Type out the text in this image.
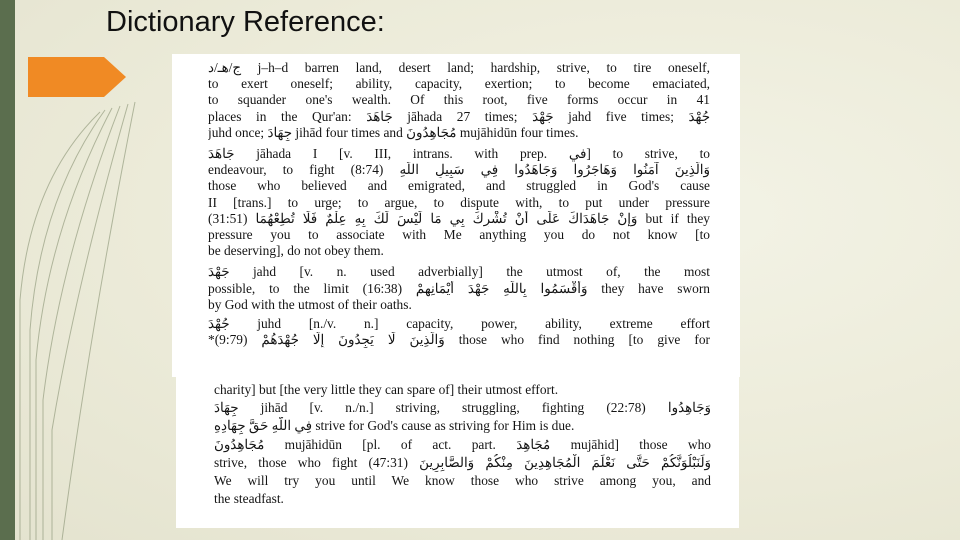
Dictionary Reference:
ج/هـ/د j–h–d barren land, desert land; hardship, strive, to tire oneself,
to exert oneself; ability, capacity, exertion; to become emaciated,
to squander one's wealth. Of this root, five forms occur in 41
places in the Qur'an: جَاهَدَ jāhada 27 times; جَهْدَ jahd five times; جُهْدَ
juhd once; جِهَادَ jihād four times and مُجَاهِدُونَ mujāhidūn four times.
جَاهَدَ jāhada I [v. III, intrans. with prep. في] to strive, to
endeavour, to fight (8:74) وَالَّذِينَ آمَنُوا وَهَاجَرُوا وَجَاهَدُوا فِي سَبِيلِ اللَّهِ
those who believed and emigrated, and struggled in God's cause
II [trans.] to urge; to argue, to dispute with, to put under pressure
(31:51) وَإِنْ جَاهَدَاكَ عَلَى أَنْ تُشْرِكَ بِي مَا لَيْسَ لَكَ بِهِ عِلْمٌ فَلَا تُطِعْهُمَا but if they
pressure you to associate with Me anything you do not know [to
be deserving], do not obey them.
جَهْدَ jahd [v. n. used adverbially] the utmost of, the most
possible, to the limit (16:38) وَأَقْسَمُوا بِاللَّهِ جَهْدَ أَيْمَانِهِمْ they have sworn
by God with the utmost of their oaths.
جُهْدَ juhd [n./v. n.] capacity, power, ability, extreme effort
*(9:79) وَالَّذِينَ لَا يَجِدُونَ إِلَّا جُهْدَهُمْ those who find nothing [to give for
charity] but [the very little they can spare of] their utmost effort.
جِهَادَ jihād [v. n./n.] striving, struggling, fighting (22:78) وَجَاهِدُوا
فِي اللَّهِ حَقَّ جِهَادِهِ strive for God's cause as striving for Him is due.
مُجَاهِدُونَ mujāhidūn [pl. of act. part. مُجَاهِدَ mujāhid] those who
strive, those who fight (47:31) وَلَنَبْلُوَنَّكُمْ حَتَّى نَعْلَمَ الْمُجَاهِدِينَ مِنْكُمْ وَالصَّابِرِينَ
We will try you until We know those who strive among you, and
the steadfast.
